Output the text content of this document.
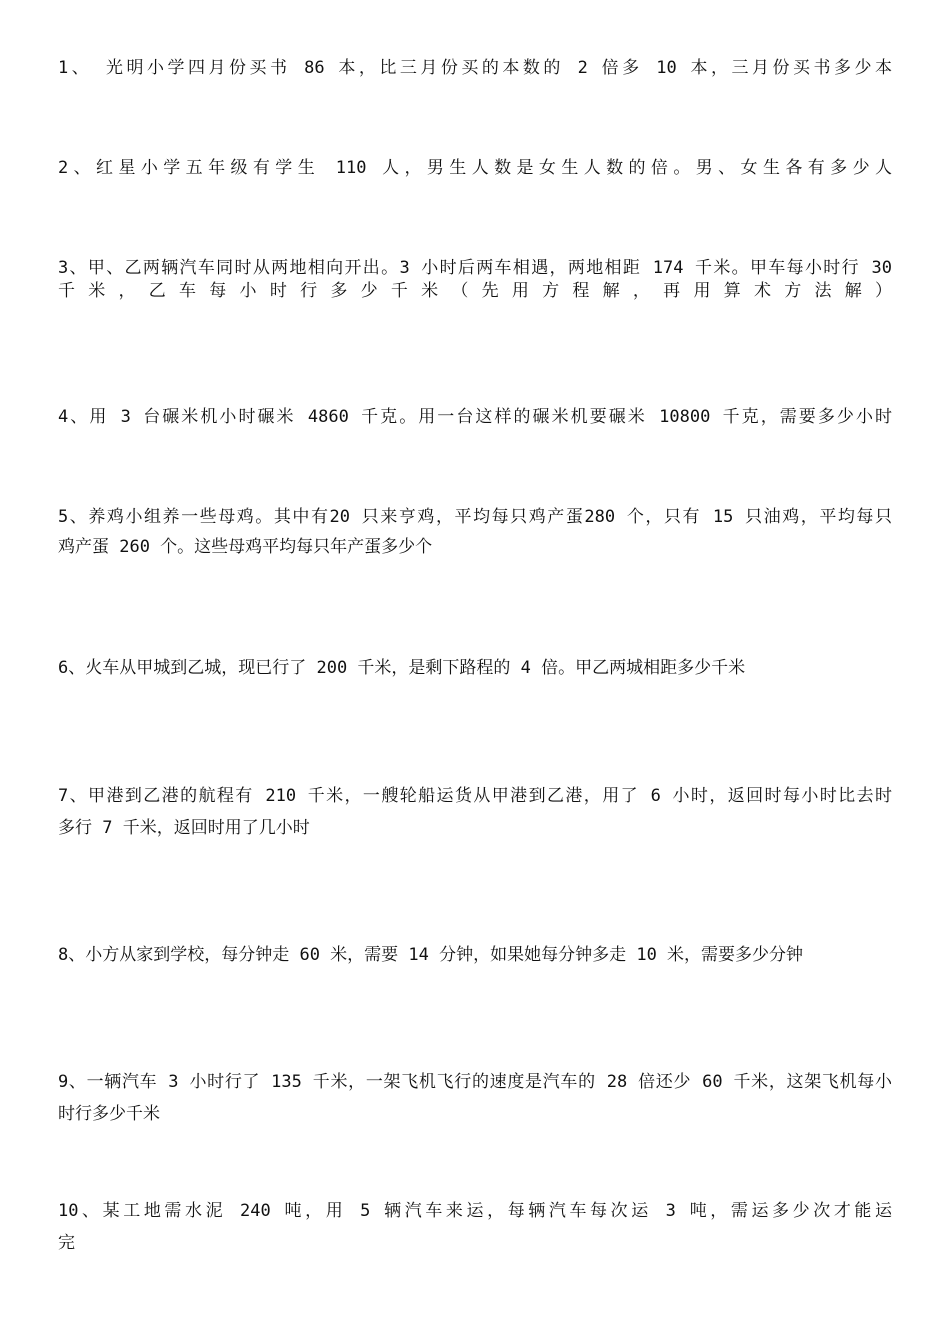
1、 光明小学四月份买书 86 本，比三月份买的本数的 2 倍多 10 本，三月份买书多少本
2、红星小学五年级有学生 110 人，男生人数是女生人数的倍。男、女生各有多少人
3、甲、乙两辆汽车同时从两地相向开出。3 小时后两车相遇，两地相距 174 千米。甲车每小时行 30
千米，乙车每小时行多少千米（先用方程解，再用算术方法解）
4、用 3 台碾米机小时碾米 4860 千克。用一台这样的碾米机要碾米 10800 千克，需要多少小时
5、养鸡小组养一些母鸡。其中有20 只来亨鸡，平均每只鸡产蛋280 个，只有 15 只油鸡，平均每只
鸡产蛋 260 个。这些母鸡平均每只年产蛋多少个
6、火车从甲城到乙城，现已行了 200 千米，是剩下路程的 4 倍。甲乙两城相距多少千米
7、甲港到乙港的航程有 210 千米，一艘轮船运货从甲港到乙港，用了 6 小时，返回时每小时比去时
多行 7 千米，返回时用了几小时
8、小方从家到学校，每分钟走 60 米，需要 14 分钟，如果她每分钟多走 10 米，需要多少分钟
9、一辆汽车 3 小时行了 135 千米，一架飞机飞行的速度是汽车的 28 倍还少 60 千米，这架飞机每小
时行多少千米
10、某工地需水泥 240 吨，用 5 辆汽车来运，每辆汽车每次运 3 吨，需运多少次才能运
完
